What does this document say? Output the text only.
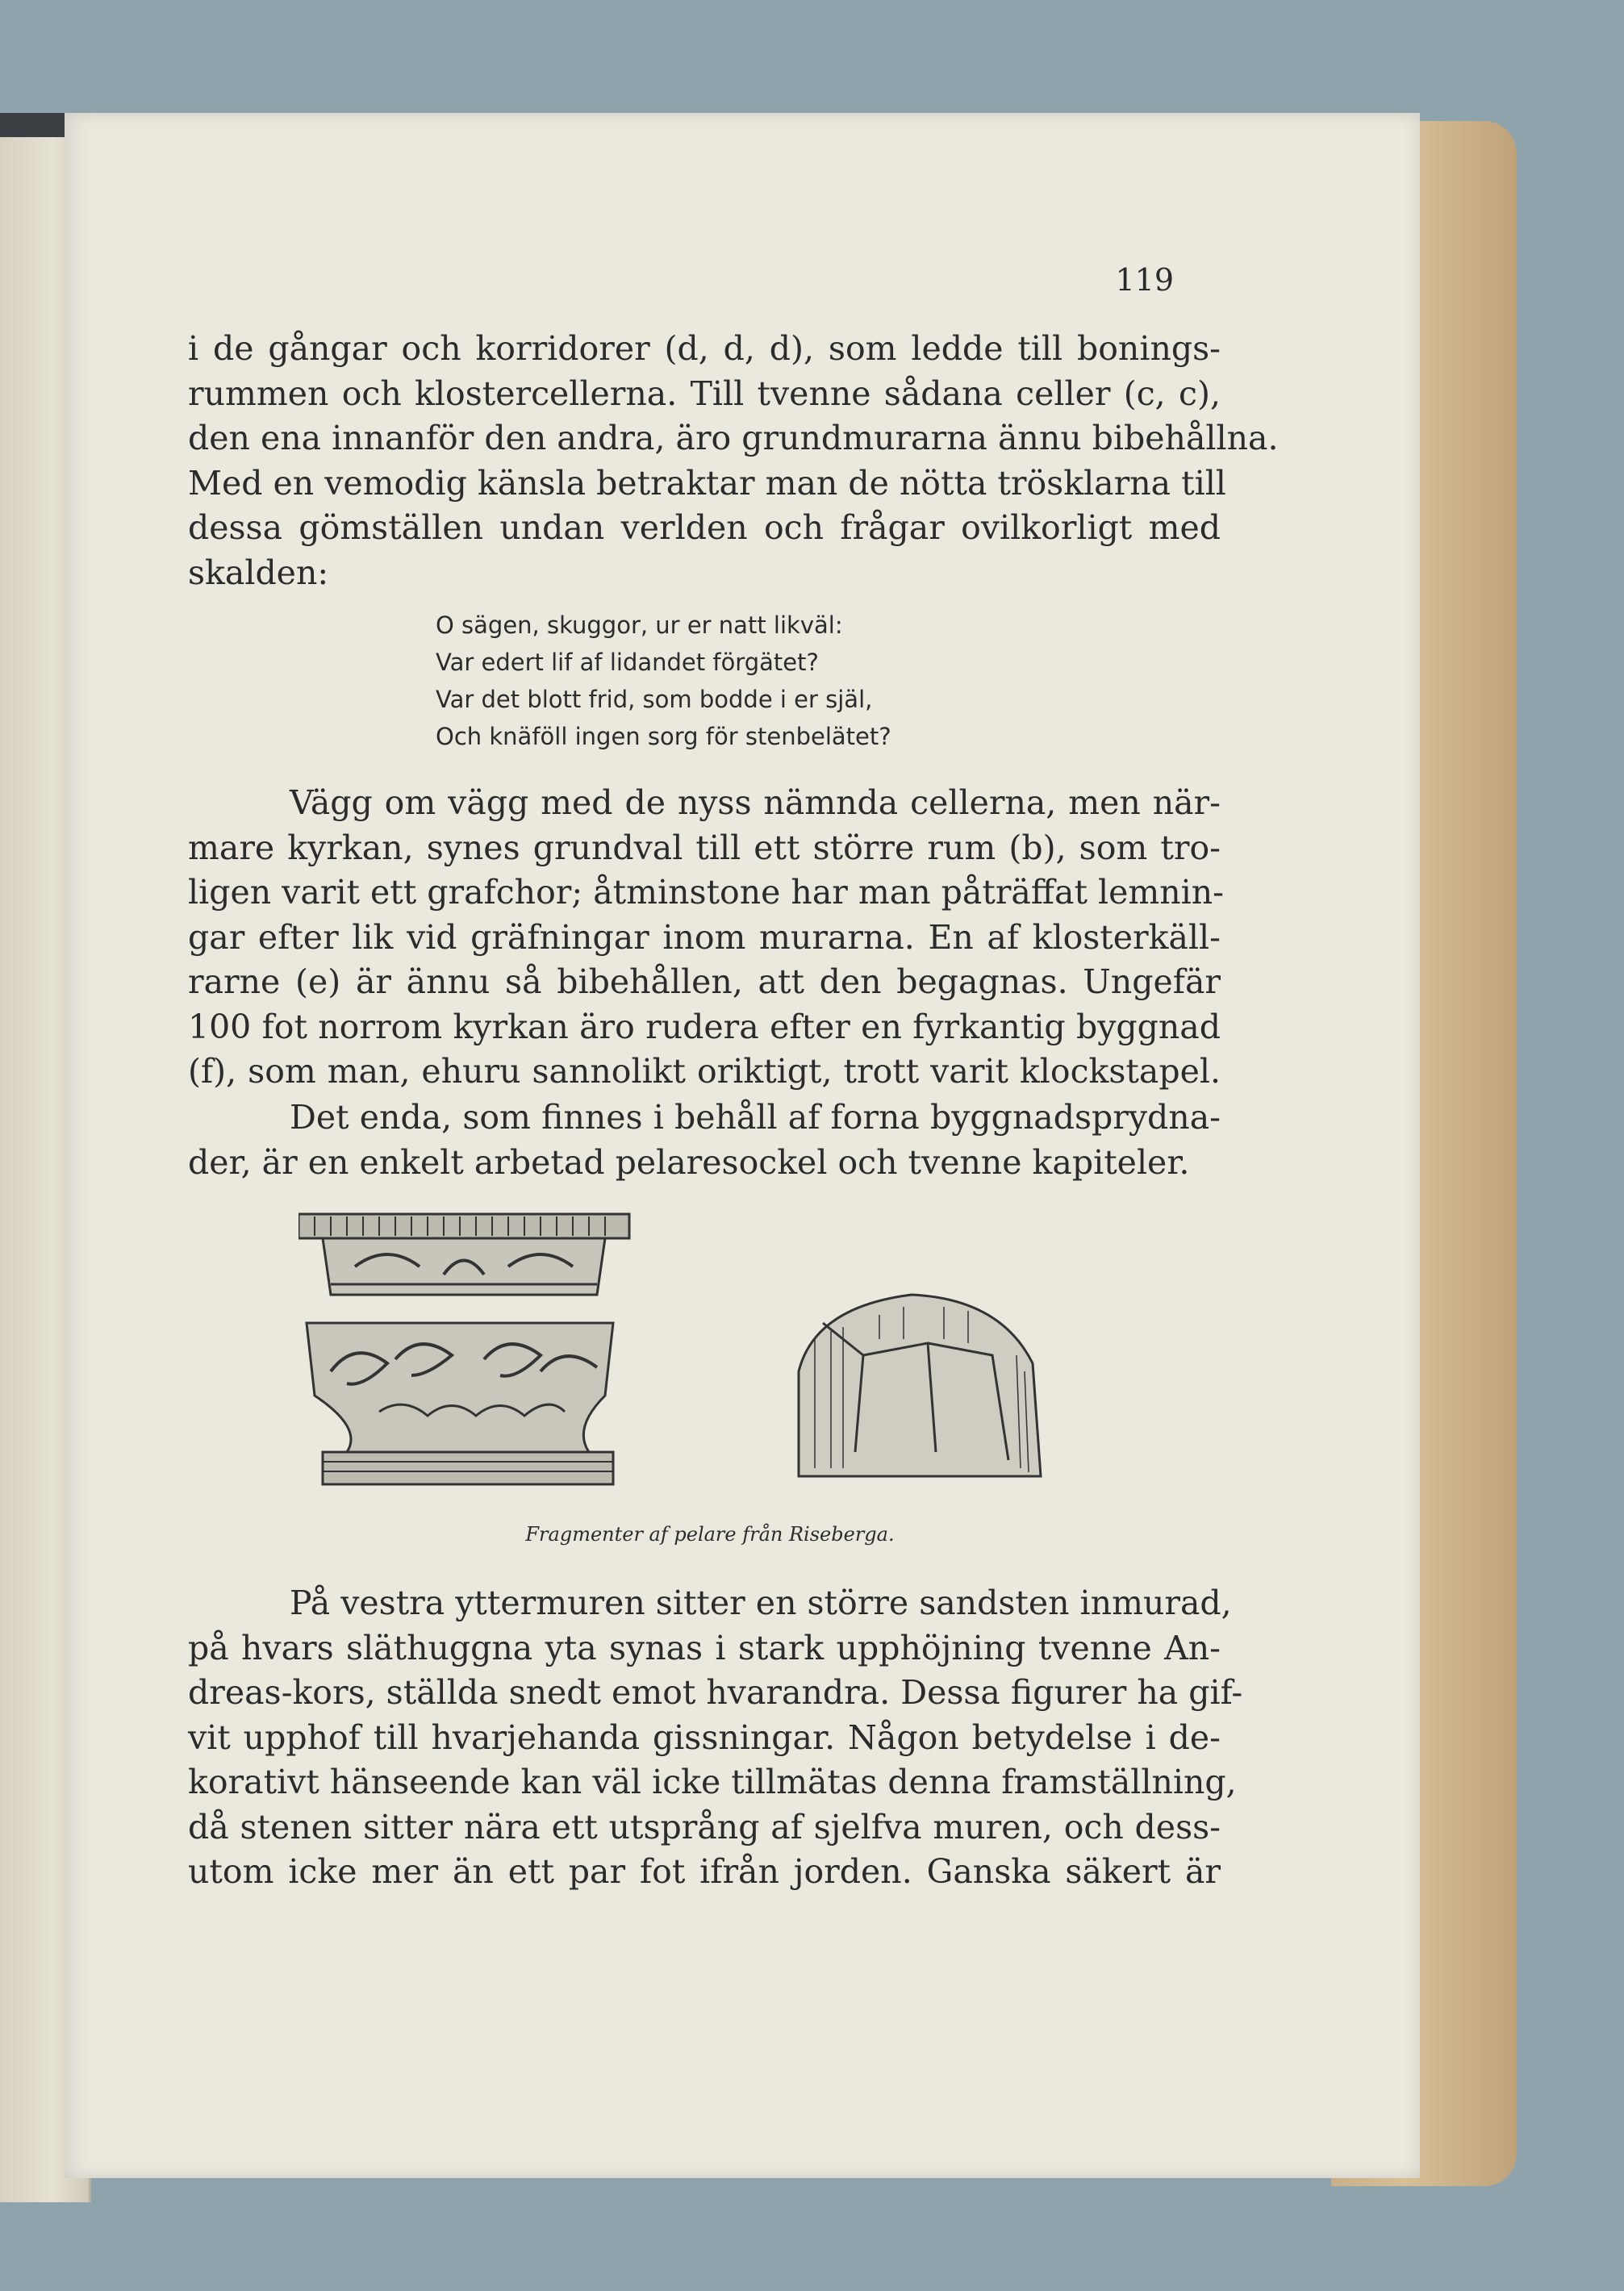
119
i de gångar och korridorer (d, d, d), som ledde till bonings-
rummen och klostercellerna. Till tvenne sådana celler (c, c),
den ena innanför den andra, äro grundmurarna ännu bibehållna.
Med en vemodig känsla betraktar man de nötta trösklarna till
dessa gömställen undan verlden och frågar ovilkorligt med
skalden:
O sägen, skuggor, ur er natt likväl:
Var edert lif af lidandet förgätet?
Var det blott frid, som bodde i er själ,
Och knäföll ingen sorg för stenbelätet?
Vägg om vägg med de nyss nämnda cellerna, men när-
mare kyrkan, synes grundval till ett större rum (b), som tro-
ligen varit ett grafchor; åtminstone har man påträffat lemnin-
gar efter lik vid gräfningar inom murarna. En af klosterkäll-
rarne (e) är ännu så bibehållen, att den begagnas. Ungefär
100 fot norrom kyrkan äro rudera efter en fyrkantig byggnad
(f), som man, ehuru sannolikt oriktigt, trott varit klockstapel.
Det enda, som finnes i behåll af forna byggnadsprydna-
der, är en enkelt arbetad pelaresockel och tvenne kapiteler.
Fragmenter af pelare från Riseberga.
På vestra yttermuren sitter en större sandsten inmurad,
på hvars släthuggna yta synas i stark upphöjning tvenne An-
dreas-kors, ställda snedt emot hvarandra. Dessa figurer ha gif-
vit upphof till hvarjehanda gissningar. Någon betydelse i de-
korativt hänseende kan väl icke tillmätas denna framställning,
då stenen sitter nära ett utsprång af sjelfva muren, och dess-
utom icke mer än ett par fot ifrån jorden. Ganska säkert är
